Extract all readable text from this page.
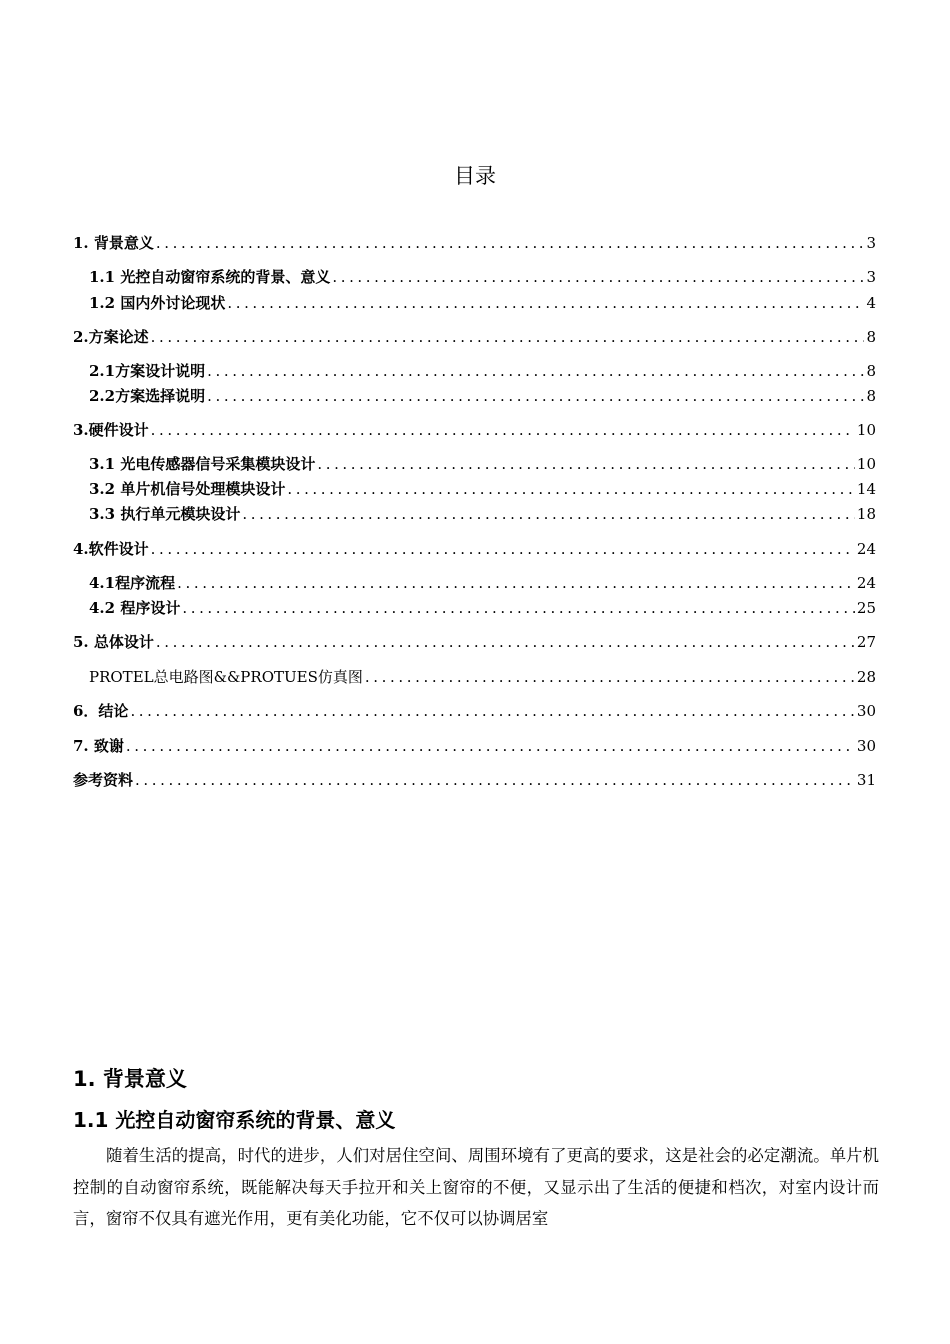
目录
1. 背景意义 .....	3
1.1 光控自动窗帘系统的背景、意义 .....	3
1.2 国内外讨论现状 .....	4
2.方案论述 .....	8
2.1方案设计说明 .....	8
2.2方案选择说明 .....	8
3.硬件设计 .....	10
3.1 光电传感器信号采集模块设计 .....	10
3.2 单片机信号处理模块设计 .....	14
3.3 执行单元模块设计 .....	18
4.软件设计 .....	24
4.1程序流程 .....	24
4.2 程序设计 .....	25
5. 总体设计 .....	27
PROTEL总电路图&&PROTUES仿真图 .....	28
6．结论 .....	30
7. 致谢 .....	30
参考资料 .....	31
1. 背景意义
1.1 光控自动窗帘系统的背景、意义
随着生活的提高，时代的进步，人们对居住空间、周围环境有了更高的要求，这是社会的必定潮流。单片机控制的自动窗帘系统，既能解决每天手拉开和关上窗帘的不便，又显示出了生活的便捷和档次，对室内设计而言，窗帘不仅具有遮光作用，更有美化功能，它不仅可以协调居室
